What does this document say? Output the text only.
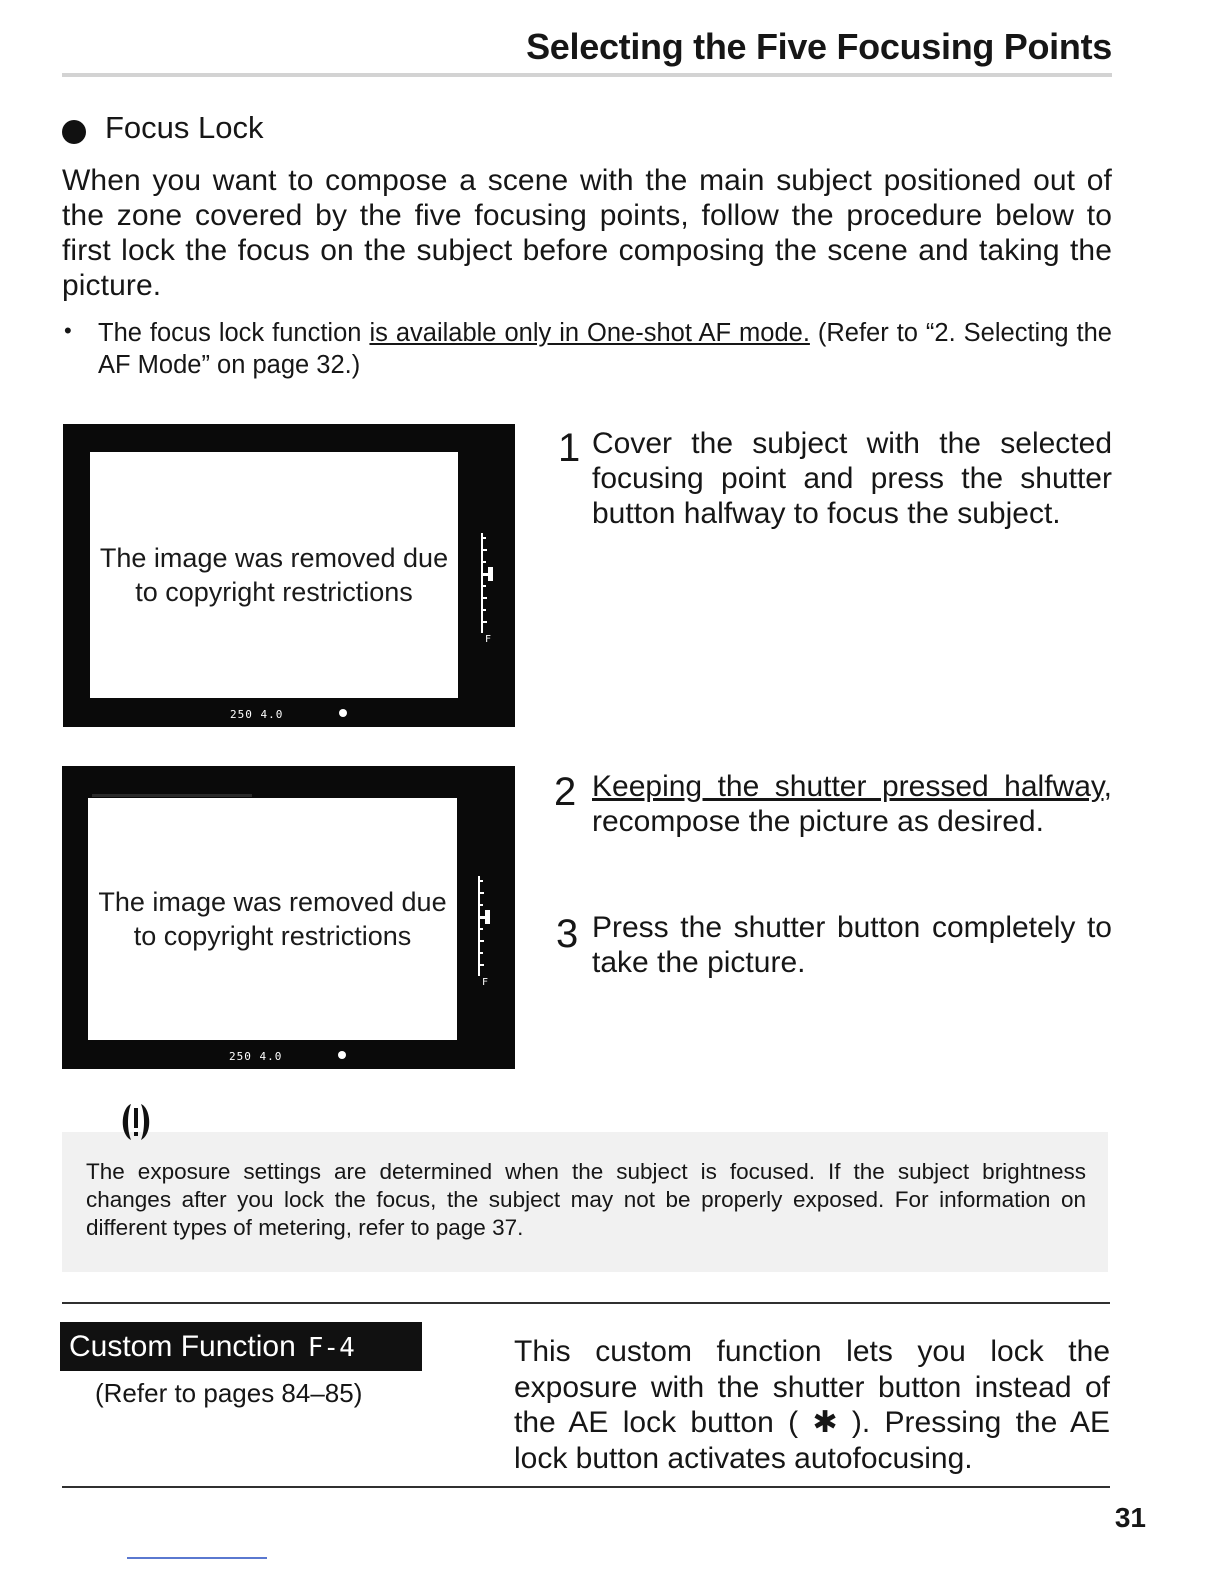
Selecting the Five Focusing Points
Focus Lock
When you want to compose a scene with the main subject positioned out of the zone covered by the five focusing points, follow the procedure below to first lock the focus on the subject before composing the scene and taking the picture.
• The focus lock function is available only in One-shot AF mode. (Refer to “2. Selecting the AF Mode” on page 32.)
The image was removed due to copyright restrictions
F
250 4.0
The image was removed due to copyright restrictions
F
250 4.0
1 Cover the subject with the selected focusing point and press the shutter button halfway to focus the subject.
2 Keeping the shutter pressed halfway, recompose the picture as desired.
3 Press the shutter button completely to take the picture.
The exposure settings are determined when the subject is focused. If the subject brightness changes after you lock the focus, the subject may not be properly exposed. For information on different types of metering, refer to page 37.
Custom Function F-4
(Refer to pages 84–85)
This custom function lets you lock the exposure with the shutter button instead of the AE lock button ( ✱ ). Pressing the AE lock button activates autofocusing.
31
